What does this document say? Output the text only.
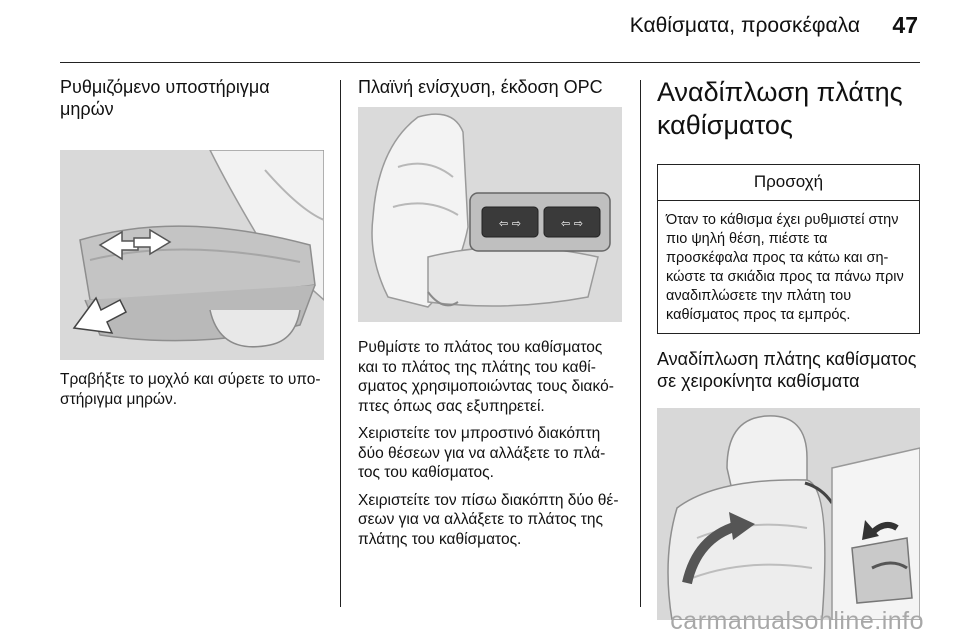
Καθίσματα, προσκέφαλα	47
Ρυθμιζόμενο υποστήριγμα μηρών

Τραβήξτε το μοχλό και σύρετε το υποστήριγμα μηρών.

Πλαϊνή ενίσχυση, έκδοση OPC
⇦ ⇨	⇦ ⇨

Ρυθμίστε το πλάτος του καθίσματος και το πλάτος της πλάτης του καθίσματος χρησιμοποιώντας τους διακόπτες όπως σας εξυπηρετεί.

Χειριστείτε τον μπροστινό διακόπτη δύο θέσεων για να αλλάξετε το πλάτος του καθίσματος.

Χειριστείτε τον πίσω διακόπτη δύο θέσεων για να αλλάξετε το πλάτος της πλάτης του καθίσματος.

Αναδίπλωση πλάτης καθίσματος
Προσοχή
Όταν το κάθισμα έχει ρυθμιστεί στην πιο ψηλή θέση, πιέστε τα προσκέφαλα προς τα κάτω και σηκώστε τα σκιάδια προς τα πάνω πριν αναδιπλώσετε την πλάτη του καθίσματος προς τα εμπρός.
Αναδίπλωση πλάτης καθίσματος σε χειροκίνητα καθίσματα
carmanualsonline.info
